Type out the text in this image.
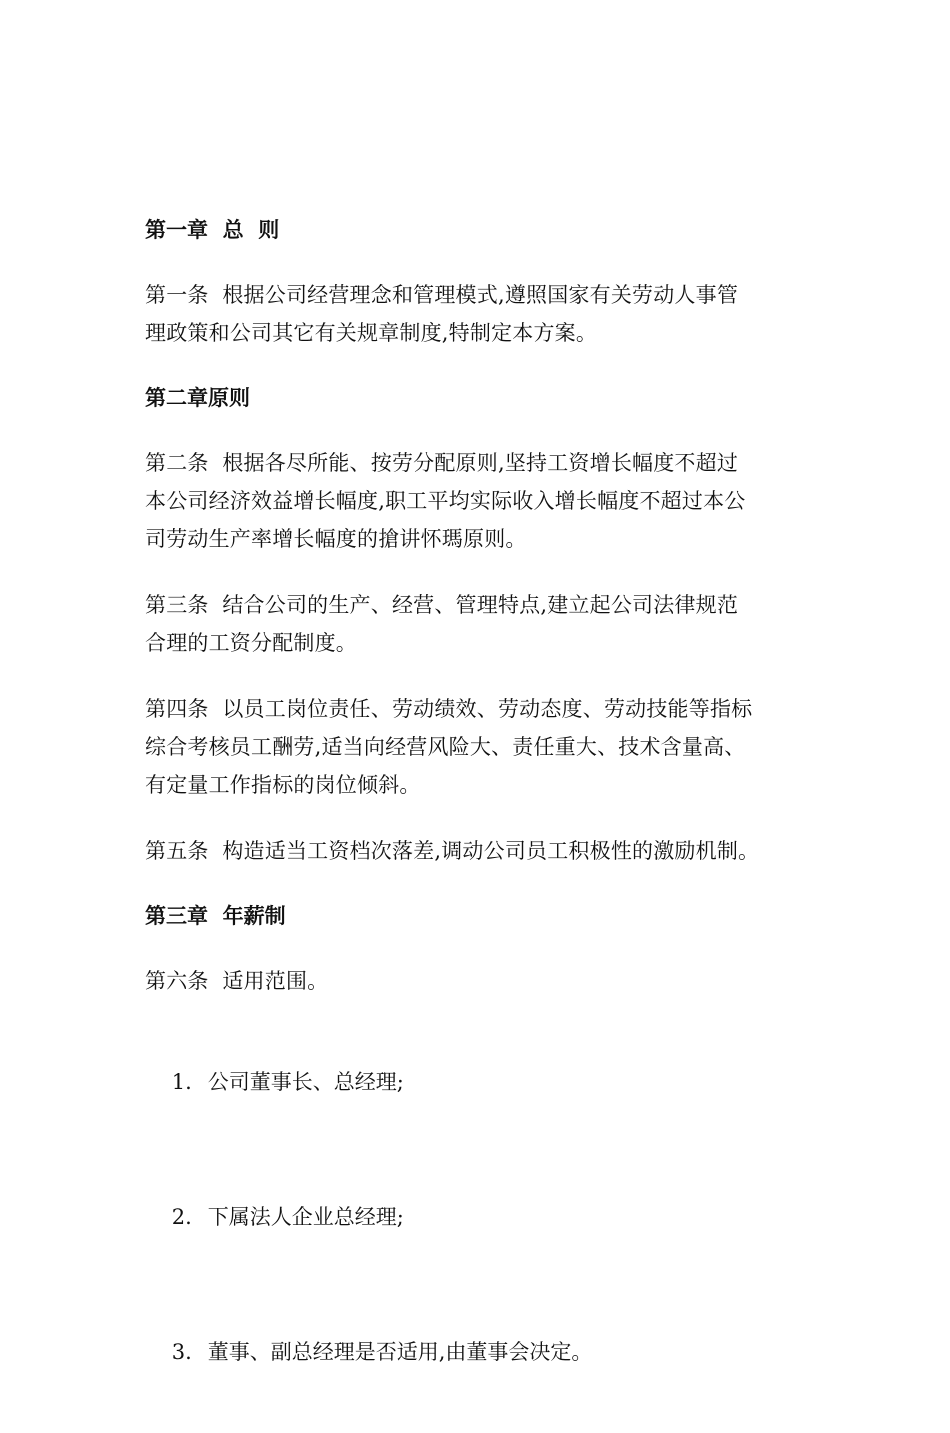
第一章  总  则
第一条  根据公司经营理念和管理模式,遵照国家有关劳动人事管
理政策和公司其它有关规章制度,特制定本方案。
第二章原则
第二条  根据各尽所能、按劳分配原则,坚持工资增长幅度不超过
本公司经济效益增长幅度,职工平均实际收入增长幅度不超过本公
司劳动生产率增长幅度的搶讲怀瑪原则。
第三条  结合公司的生产、经营、管理特点,建立起公司法律规范
合理的工资分配制度。
第四条  以员工岗位责任、劳动绩效、劳动态度、劳动技能等指标
综合考核员工酬劳,适当向经营风险大、责任重大、技术含量高、
有定量工作指标的岗位倾斜。
第五条  构造适当工资档次落差,调动公司员工积极性的激励机制。
第三章  年薪制
第六条  适用范围。

1. 公司董事长、总经理;

2. 下属法人企业总经理;

3. 董事、副总经理是否适用,由董事会决定。
